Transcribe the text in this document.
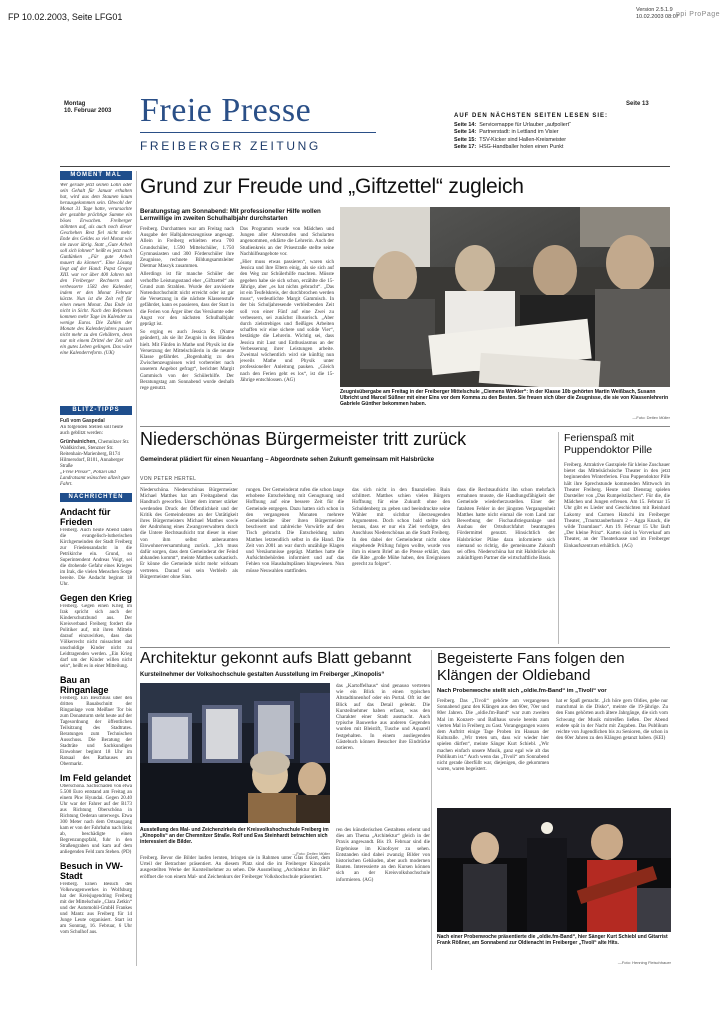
FP 10.02.2003, Seite LFG01
Version 2.5.1.9
10.02.2003 08:07
ppi ProPage
Montag
10. Februar 2003 Freie Presse
FREIBERGER ZEITUNG
Seite 13
AUF DEN NÄCHSTEN SEITEN LESEN SIE:
Seite 14: Servicemappe für Urlauber „aufpoliert“
Seite 14: Partnerstadt: in Lettland im Visier
Seite 15: TSV-Kicker sind Hallen-Kreismeister
Seite 17: HSG-Handballer holen einen Punkt
MOMENT MAL
Wer gerade jetzt seinen Lohn oder sein Gehalt für Januar erhalten hat, wird aus dem Staunen kaum herausgekommen sein. Obwohl der Monat 31 Tage hatte, verursachte der gezahlte prächtige Summe ein böses Erwachen. Freiberger stöhnten auf, als auch noch dieser Geschehen Rest fiel nicht mehr. Ende des Geldes so viel Monat wie nie zuvor übrig. Statt „Gute Arbeit soll sich lohnen“ heißt es jetzt nach Gutdünken „Für gute Arbeit mauert du können“. Eine Lösung liegt auf der Hand: Papst Gregor XIII. war vor über 400 Jahren mit den Freiberger Rechnern und verbesserte 1582 den Kalender, indem er den Monat Februar kürzte. Nun ist die Zeit reif für einen neuen Monat. Das Ende ist nicht in Sicht. Nach den Reformen kommen mehr Tage im Kalender zu wenige Euros. Die Zahlen der Monate des Kalenderjahres passen nicht mehr zu den Gehältern, denn nur mit einem Drittel der Zeit soll ein gutes Leben gelingen. Das wäre eine Kalenderreform. (UK)
BLITZ-TIPPS
Fuß vom Gaspedal
An folgenden Stellen soll heute auch geblitzt werden:
Grünhainichen, Chemnitzer Str. Waldkirchen, Stenzner Str. Reitenhain-Marienberg, B174 Hilmersdorf, B101, Annaberger Straße
„Freie Presse“, Polizei und Landratsamt wünschen allzeit gute Fahrt.
NACHRICHTEN
Andacht für Frieden
Freiberg. Auch heute Abend laden die evangelisch-lutherischen Kirchgemeinden der Stadt Freiberg zur Friedensandacht in die Petrikirche ein. Grund, so Superintendent Andreas Voigt, sei die drohende Gefahr eines Krieges im Irak, die vielen Menschen Sorge bereite. Die Andacht beginnt 18 Uhr.
Gegen den Krieg
Freiberg. Gegen einen Krieg im Irak spricht sich auch der Kinderschutzbund aus. Der Kreisverband Freiberg fordert die Politiker auf, mit ihren Mitteln darauf einzuwirken, dass das Völkerrecht nicht missachtet und unschuldige Kinder nicht zu Leidtragenden werden. „Ein Krieg darf um der Kinder willen nicht sein“, heißt es in einer Mitteilung.
Bau an Ringanlage
Freiberg. Ein Beschluss über den dritten Bauabschnitt der Ringanlage vom Meißner Tor bis zum Donatsturm steht heute auf der Tagesordnung der öffentlichen Teilsitzung des Stadtrates. Beratungen zum Technischen Ausschuss. Die Beratung der Stadträte und Sachkundigen Einwohner beginnt 18 Uhr im Ratsaal des Rathauses am Obermarkt.
Im Feld gelandet
Oberschöna. Sachschaden von etwa 5.500 Euro entstand am Freitag an einem Pkw Hyundai. Gegen 20.40 Uhr war der Fahrer auf der B173 aus Richtung Oberschöna in Richtung Oederan unterwegs. Etwa 300 Meter nach dem Ortsausgang kam er von der Fahrbahn nach links ab, beschädigte einen Begrenzungspfahl, fuhr in den Straßengraben und kam auf dem anliegenden Feld zum Stehen. (PD)
Besuch in VW-Stadt
Freiberg. Einen Besuch des Volkswagenwerkes in Wolfsburg hat der Kreisjugendring Freiberg mit der Mittelschule „Clara Zetkin“ und der Automobil-GmbH Frankes und Mantz aus Freiberg für 14 Junge Leute organisiert. Start ist am Sonntag, 16. Februar, 6 Uhr vom Schulhof aus.
Grund zur Freude und „Giftzettel“ zugleich
Beratungstag am Sonnabend: Mit professioneller Hilfe wollen Lernwillige im zweiten Schulhalbjahr durchstarten
Freiberg. Durchatmen war am Freitag nach Ausgabe der Halbjahreszeugnisse angesagt. Allein in Freiberg erhielten etwa 700 Grundschüler, 1.590 Mittelschüler, 1.750 Gymnasiasten und 300 Förderschüler ihre Zeugnisse, rechnete Bildungsamtsleiter Dietmar Mascyk zusammen.
Allerdings ist für manche Schüler der verhoffte Leistungsstand eher „Giftzettel“ als Grund zum Strahlen. Wurde der anvisierte Notendurchschnitt nicht erreicht oder ist gar die Versetzung in die nächste Klassenstufe gefährdet, kann es passieren, dass der Start in die Ferien von Ärger über das Versäumte oder Angst vor den nächsten Schulhalbjahr geprägt ist.
So erging es auch Jessica R. (Name geändert), als sie ihr Zeugnis in den Händen hielt. Mit Fünfen in Mathe und Physik ist die Versetzung der Mittelschülerin in die neunte Klasse gefährdet. „Bogenhaltig zu den Zwischenzeugnissen wird vorbereitet nach unserem Angebot gefragt“, berichtet Margit Gammisch von der Schülerhilfe. Der Beratungstag am Sonnabend wurde deshalb rege genutzt.
Das Programm wurde von Mädchen und Jungen aller Altersstufen und Schularten angenommen, erklärte die Lehrerin. Auch der Studienkreis an der Prisestraße stellte seine Nachhilfeangebote vor.
„Hier muss etwas passieren“, waren sich Jessica und ihre Eltern einig, als sie sich auf den Weg zur Schülerhilfe machten. Müsste gegeben habe sie sich schon, erzählte die 15-Jährige, aber „es hat nichts gebracht“. „Das ist ein Teufelskreis, der durchbrochen werden muss“, verdeutlichte Margit Gammisch. In der bis Schuljahresende verbleibenden Zeit soll von einer Fünf auf eine Zwei zu verbessern, sei zunächst illusorisch. „Aber durch zielstrebiges und fleißiges Arbeiten schaffen wir eine sichere und solide Vier“, bestätigte die Lehrerin. Wichtig sei, dass Jessica mit Lust und Enthusiasmus an der Verbesserung ihrer Leistungen arbeite. Zweimal wöchentlich wird sie künftig nun jeweils Mathe und Physik unter professioneller Anleitung pauken. „Gleich nach den Ferien geht es los“, ist die 15-Jährige entschlossen. (AG)
Zeugnisübergabe am Freitag in der Freiberger Mittelschule „Clemens Winkler“: In der Klasse 10b gehörten Martin Weißbach, Susann Ulbricht und Marcel Süßner mit einer Eins vor dem Komma zu den Besten. Sie freuen sich über die Zeugnisse, die sie von Klassenlehrerin Gabriele Günther bekommen haben.
—Foto: Detlev Müller
Niederschönas Bürgermeister tritt zurück
Gemeinderat plädiert für einen Neuanfang – Abgeordnete sehen Zukunft gemeinsam mit Halsbrücke
VON PETER HERTEL
Niederschöna. Niederschönas Bürgermeister Michael Matthes hat am Freitagabend das Handtuch geworfen. Unter dem immer stärker werdenden Druck der Öffentlichkeit und der Kritik des Gemeinderates an der Untätigkeit ihres Bürgermeisters Michael Matthes sowie der Androhung eines Zwangsverwaltern durch die Untere Rechtsaufsicht trat dieser in einer von ihm selbst anberaumten Einwohnerversammlung zurück. „Ich muss dafür sorgen, dass dem Gemeinderat der Feind abhanden kommt“, meinte Matthes sarkastisch. Er könne die Gemeinde nicht mehr wirksam vertreten. Darauf sei sein Verbleib als Bürgermeister ohne Sinn.
rungen. Der Gemeinderat rufen die schon lange erhobene Entscheidung mit Genugtuung und Hoffnung auf eine bessere Zeit für die Gemeinde entgegen. Dazu hatten sich schon in den vergangenen Monaten mehrere Gemeinderäte über ihren Bürgermeister beschwert und zahlreiche Vorwürfe auf den Tisch gebracht. Die Entscheidung nahm Matthes letztendlich selbst in die Hand. Die Zeit von 2001 an war durch unzählige Klagen und Versäumnisse geprägt. Matthes hatte die Aufsichtsbehörden informiert und auf das Fehlen von Haushaltsplänen hingewiesen. Nun müsse Neuwahlen stattfinden.
das sich nicht in den finanziellen Ruin schlittert. Matthes schien vielen Bürgern Hoffnung für eine Zukunft ohne den Schuldenberg zu geben und beeindruckte seine Wähler mit sichtbar überzeugenden Argumenten. Doch schon bald stellte sich heraus, dass er nur ein Ziel verfolgte, den Anschluss Niederschönas an die Stadt Freiberg. In den dabei der Gemeinderat nicht ohne eingehende Prüfung folgen wollte, wurde von ihm in einem Brief an die Presse erklärt, dass die Räte „große Mühe haben, den Ereignissen gerecht zu folgen“.
dass die Rechtsaufsicht ihn schon mehrfach ermahnen musste, die Handlungsfähigkeit der Gemeinde wiederherzustellen. Einer der fatalsten Fehler in der jüngsten Vergangenheit Matthes hatte nicht einmal die vom Land zur Bewerbung der Fischaufstiegsanlage und Ausbau der Ortsdurchfahrt beantragten Fördermittel genutzt. Hinsichtlich der Halsbrücker Pläne dazu informierte sich niemand so richtig, die gemeinsame Zukunft sei offen. Niederschöna hat mit Halsbrücke als zukünftigem Partner die wirtschaftliche Basis.
Ferienspaß mit Puppendoktor Pille
Freiberg. Attraktive Gastspiele für kleine Zuschauer bietet das Mittelsächsische Theater in den jetzt beginnenden Winterferien. Frau Puppendoktor Pille hält ihre Sprechstunde kommenden Mittwoch im Theater Freiberg. Heute und Dienstag spielen Darsteller von „Das Rumpelstilzchen“. Für die, die Mädchen und Jungen erfreuen. Am 15. Februar 15 Uhr gibt es Lieder und Geschichten mit Reinhard Lakomy und Carmen Hatschi im Freiberger Theater, „Traumzauberbaum 2 – Agga Knack, die wilde Traumlaus“. Am 19. Februar 15 Uhr läuft „Der kleine Prinz“. Karten sind in Vorverkauf am Theater, an der Theaterkasse und im Freiberger Einkaufszentrum erhältlich. (AG)
Architektur gekonnt aufs Blatt gebannt
Kursteilnehmer der Volkshochschule gestalten Ausstellung im Freiberger „Kinopolis“
Ausstellung des Mal- und Zeichenzirkels der Kreisvolkshochschule Freiberg im „Kinopolis“ an der Chemnitzer Straße. Rolf und Eva Steinhardt betrachten sich interessiert die Bilder.
—Foto: Detlev Müller
Freiberg. Bevor die Bilder laufen lernten, bringen sie in Rahmen unter Glas fixiert, dem Urteil der Betrachter präsentiert. An diesem Platz sind die im Freiberger Kinopolis ausgestellten Werke der Kursteilnehmer zu sehen. Die Ausstellung „Architektur im Bild“ eröffnet die von einem Mal- und Zeichenkurs der Freiberger Volkshochschule präsentiert.
das „Kartoffelhaus“ sind genauso vertreten wie ein Blick in einen typischen Altstadtinnenhof oder ein Portal. Oft ist der Blick auf das Detail gelenkt. Die Kursteilnehmer haben erfasst, was den Charakter einer Stadt ausmacht. Auch typische Bauwerke aus anderen Gegenden wurden mit Bleistift, Tusche und Aquarell festgehalten. In einem ausliegenden Gästebuch können Besucher ihre Eindrücke notieren.
ren des künstlerischen Gestaltens erlernt und dies am Thema „Architektur“ gleich in der Praxis angewandt. Bis 19. Februar sind die Ergebnisse im Kinofoyer zu sehen. Entstanden sind dabei zwanzig Bilder von historischen Gebäuden, aber auch modernen Bauten. Interessierte an den Kursen können sich an der Kreisvolkshochschule informieren. (AG)
Begeisterte Fans folgen den Klängen der Oldieband
Nach Probenwoche stellt sich „oldie.fm-Band“ im „Tivoli“ vor
Freiberg. Das „Tivoli“ gehörte am vergangenen Sonnabend ganz den Klängen aus den 60er, 70er und 80er Jahren. Die „oldie.fm-Band“ war zum zweiten Mal im Konzert- und Ballhaus sowie bereits zum vierten Mal in Freiberg zu Gast. Vorangegangen waren dem Auftritt einige Tage Proben im Hausan der Kulturalle. „Wir treten um, dass wir wieder hier spielen dürfen“, meinte Sänger Kurt Schiebl. „Wir machen einfach unsere Musik, ganz egal wie alt das Publikum ist.“ Auch wenn das „Tivoli“ am Sonnabend nicht gerade überfüllt war, diejenigen, die gekommen waren, waren begeistert.
hat er Spaß gemacht. „Ich höre gern Oldies, gehe nur manchmal in die Disko“, meinte die 19-jährige. Zu den Fans gehörten auch ältere Jahrgänge, die sich vom Schwung der Musik mitreißen ließen. Der Abend endete spät in der Nacht mit Zugaben. Das Publikum reichte von Jugendlichen bis zu Senioren, die schon in den 60er Jahren zu den Klängen getanzt haben. (KEI)
Nach einer Probenwoche präsentierte die „oldie.fm-Band“, hier Sänger Kurt Schiebl und Gitarrist Frank Rößner, am Sonnabend zur Oldienacht im Freiberger „Tivoli“ alte Hits.
—Foto: Henning Fleischhauer
